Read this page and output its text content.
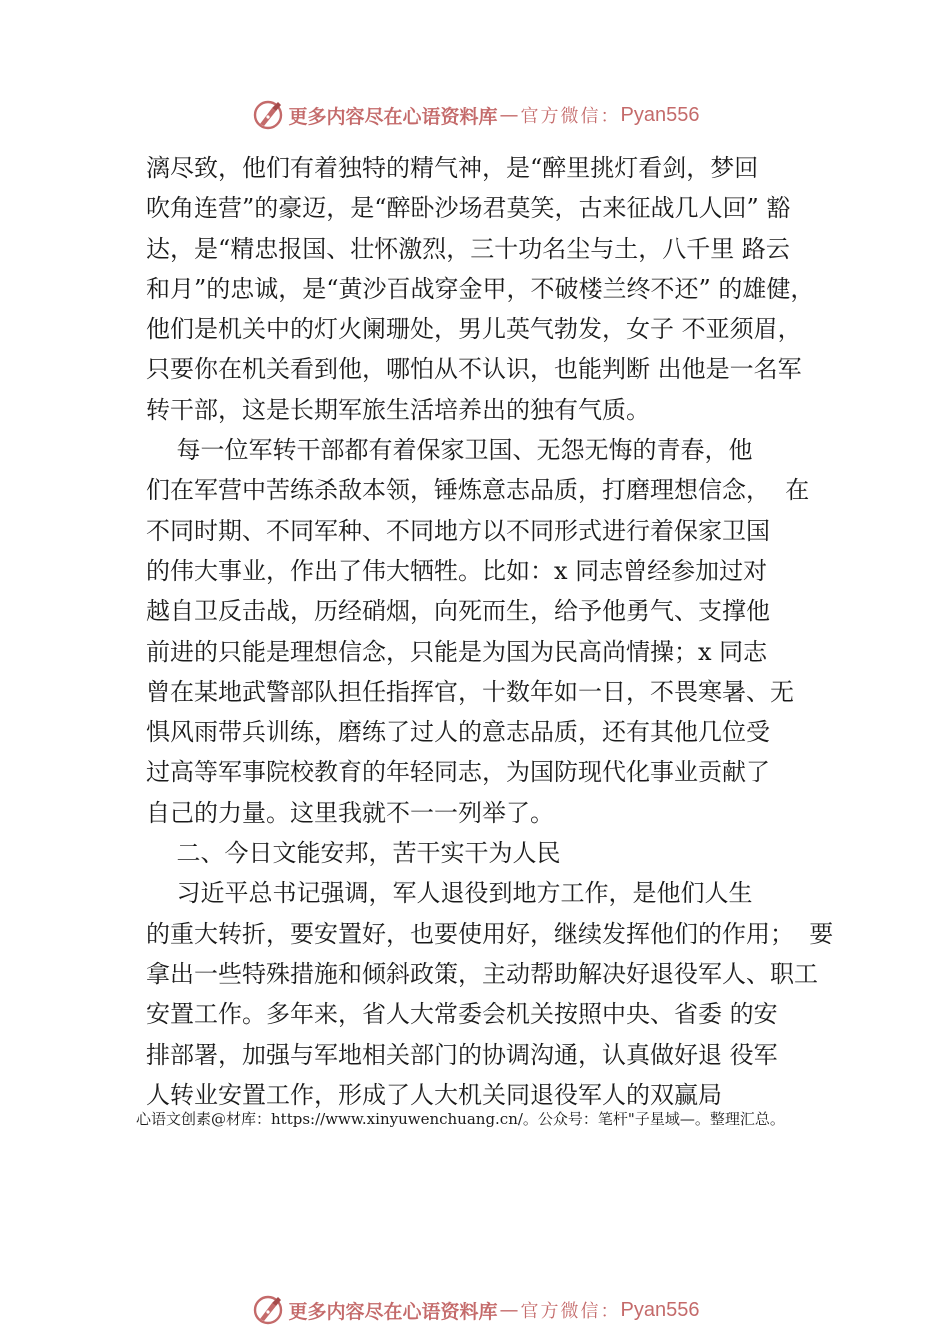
更多内容尽在心语资料库 — 官方微信： Pyan556
漓尽致，他们有着独特的精气神，是“醉里挑灯看剑，梦回
吹角连营”的豪迈，是“醉卧沙场君莫笑，古来征战几人回” 豁
达，是“精忠报国、壮怀激烈，三十功名尘与土，八千里 路云
和月”的忠诚，是“黄沙百战穿金甲，不破楼兰终不还” 的雄健，
他们是机关中的灯火阑珊处，男儿英气勃发，女子 不亚须眉，
只要你在机关看到他，哪怕从不认识，也能判断 出他是一名军
转干部，这是长期军旅生活培养出的独有气质。
每一位军转干部都有着保家卫国、无怨无悔的青春，他
们在军营中苦练杀敌本领，锤炼意志品质，打磨理想信念，  在
不同时期、不同军种、不同地方以不同形式进行着保家卫国
的伟大事业，作出了伟大牺牲。比如：x 同志曾经参加过对
越自卫反击战，历经硝烟，向死而生，给予他勇气、支撑他
前进的只能是理想信念，只能是为国为民高尚情操；x 同志
曾在某地武警部队担任指挥官，十数年如一日，不畏寒暑、无
惧风雨带兵训练，磨练了过人的意志品质，还有其他几位受
过高等军事院校教育的年轻同志，为国防现代化事业贡献了
自己的力量。这里我就不一一列举了。
二、今日文能安邦，苦干实干为人民
习近平总书记强调，军人退役到地方工作，是他们人生
的重大转折，要安置好，也要使用好，继续发挥他们的作用；  要
拿出一些特殊措施和倾斜政策，主动帮助解决好退役军人、职工
安置工作。多年来，省人大常委会机关按照中央、省委 的安
排部署，加强与军地相关部门的协调沟通，认真做好退 役军
人转业安置工作，形成了人大机关同退役军人的双赢局
心语文创素@材库：https://www.xinyuwenchuang.cn/。公众号：笔杆"子星域—。整理汇总。
更多内容尽在心语资料库 — 官方微信： Pyan556
